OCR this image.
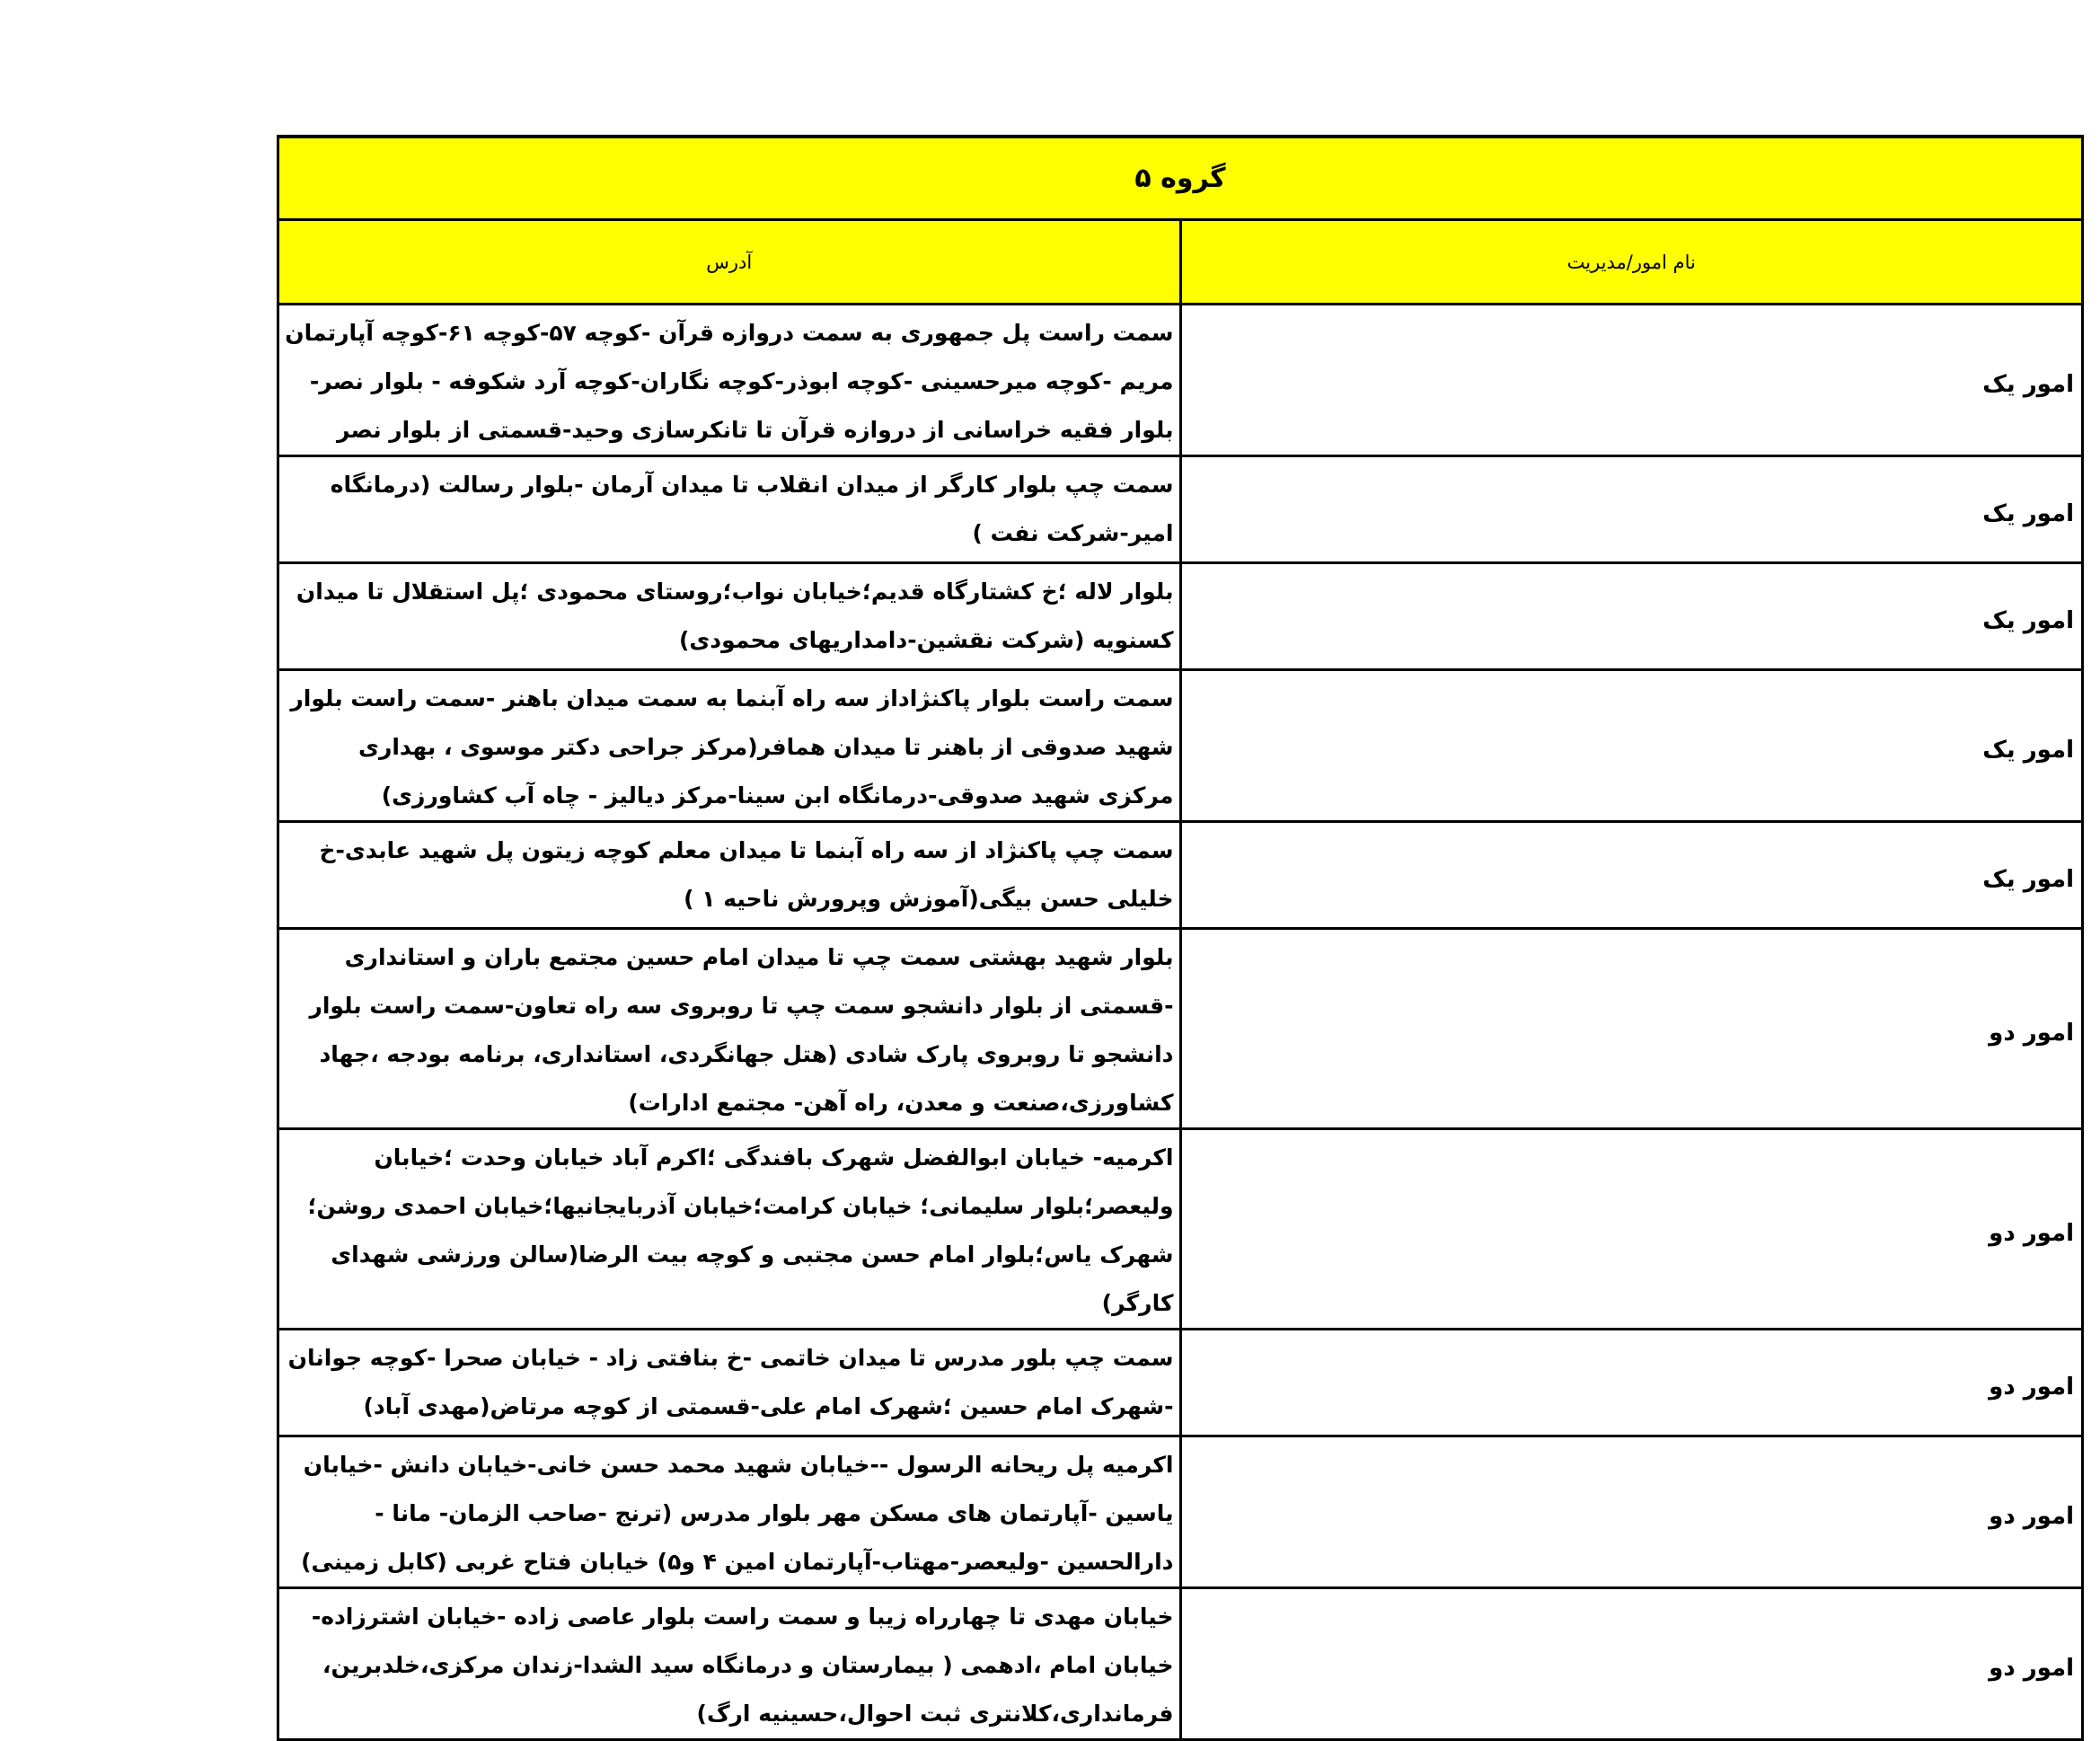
گروه ۵	
نام امور/مدیریت	آدرس
امور یک	سمت راست پل جمهوری به سمت دروازه قرآن -کوچه ۵۷-کوچه ۶۱-کوچه آپارتمان مریم -کوچه میرحسینی -کوچه ابوذر-کوچه نگاران-کوچه آرد شکوفه - بلوار نصر-بلوار فقیه خراسانی از دروازه قرآن تا تانکرسازی وحید-قسمتی از بلوار نصر
امور یک	سمت چپ بلوار کارگر از میدان انقلاب تا میدان آرمان -بلوار رسالت (درمانگاه امیر-شرکت نفت )
امور یک	بلوار لاله ؛خ کشتارگاه قدیم؛خیابان نواب؛روستای محمودی ؛پل استقلال تا میدان کسنویه (شرکت نقشین-دامداریهای محمودی)
امور یک	سمت راست بلوار پاکنژاداز سه راه آبنما به سمت میدان باهنر -سمت راست بلوار شهید صدوقی از باهنر تا میدان همافر(مرکز جراحی دکتر موسوی ، بهداری مرکزی شهید صدوقی-درمانگاه ابن سینا-مرکز دیالیز - چاه آب کشاورزی)
امور یک	سمت چپ پاکنژاد از سه راه آبنما تا میدان معلم کوچه زیتون پل شهید عابدی-خ خلیلی حسن بیگی(آموزش وپرورش ناحیه ۱ )
امور دو	بلوار شهید بهشتی سمت چپ تا میدان امام حسین مجتمع باران و استانداری -قسمتی از بلوار دانشجو سمت چپ تا روبروی سه راه تعاون-سمت راست بلوار دانشجو تا روبروی پارک شادی (هتل جهانگردی، استانداری، برنامه بودجه ،جهاد کشاورزی،صنعت و معدن، راه آهن- مجتمع ادارات)
امور دو	اکرمیه- خیابان ابوالفضل شهرک بافندگی ؛اکرم آباد خیابان وحدت ؛خیابان ولیعصر؛بلوار سلیمانی؛ خیابان کرامت؛خیابان آذربایجانیها؛خیابان احمدی روشن؛شهرک یاس؛بلوار امام حسن مجتبی و کوچه بیت الرضا(سالن ورزشی شهدای کارگر)
امور دو	سمت چپ بلور مدرس تا میدان خاتمی -خ بنافتی زاد - خیابان صحرا -کوچه جوانان -شهرک امام حسین ؛شهرک امام علی-قسمتی از کوچه مرتاض(مهدی آباد)
امور دو	اکرمیه پل ریحانه الرسول --خیابان شهید محمد حسن خانی-خیابان دانش -خیابان یاسین -آپارتمان های مسکن مهر بلوار مدرس (ترنج -صاحب الزمان- مانا - دارالحسین -ولیعصر-مهتاب-آپارتمان امین ۴ و۵) خیابان فتاح غربی (کابل زمینی)
امور دو	خیابان مهدی تا چهارراه زیبا و سمت راست بلوار عاصی زاده -خیابان اشترزاده-خیابان امام ،ادهمی ( بیمارستان و درمانگاه سید الشدا-زندان مرکزی،خلدبرین، فرمانداری،کلانتری ثبت احوال،حسینیه ارگ)
